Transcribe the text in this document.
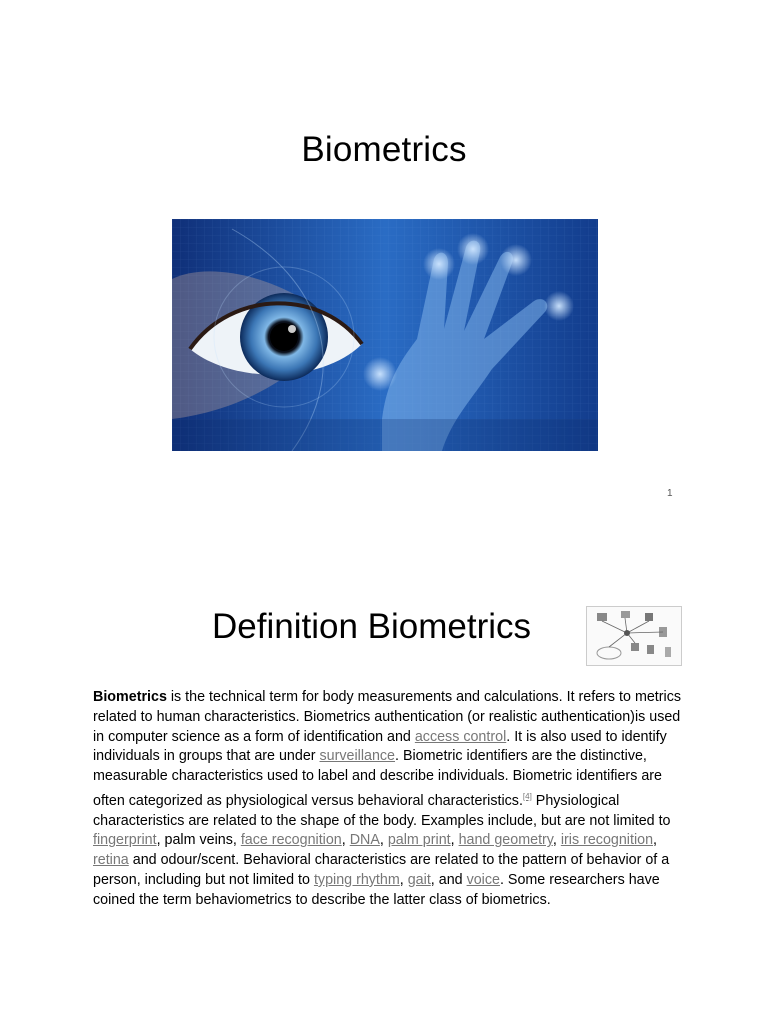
Biometrics
1
Definition Biometrics
Biometrics is the technical term for body measurements and calculations. It refers to metrics related to human characteristics. Biometrics authentication (or realistic authentication)is used in computer science as a form of identification and access control. It is also used to identify individuals in groups that are under surveillance. Biometric identifiers are the distinctive, measurable characteristics used to label and describe individuals. Biometric identifiers are often categorized as physiological versus behavioral characteristics.[4] Physiological characteristics are related to the shape of the body. Examples include, but are not limited to fingerprint, palm veins, face recognition, DNA, palm print, hand geometry, iris recognition, retina and odour/scent. Behavioral characteristics are related to the pattern of behavior of a person, including but not limited to typing rhythm, gait, and voice. Some researchers have coined the term behaviometrics to describe the latter class of biometrics.
